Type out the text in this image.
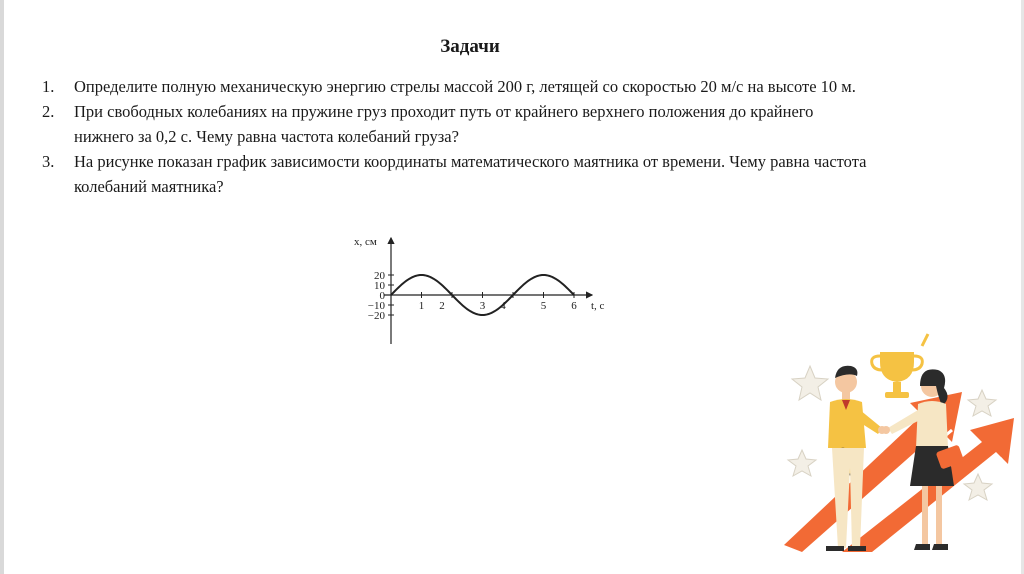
Задачи
1. Определите полную механическую энергию стрелы массой 200 г, летящей со скоростью 20 м/с на высоте 10 м.
2. При свободных колебаниях на пружине груз проходит путь от крайнего верхнего положения до крайнего нижнего за 0,2 с. Чему равна частота колебаний груза?
3. На рисунке показан график зависимости координаты математического маятника от времени. Чему равна частота колебаний маятника?
x, см
t, с
20
10
0
−10
−20
1 2	3 4	5 6
